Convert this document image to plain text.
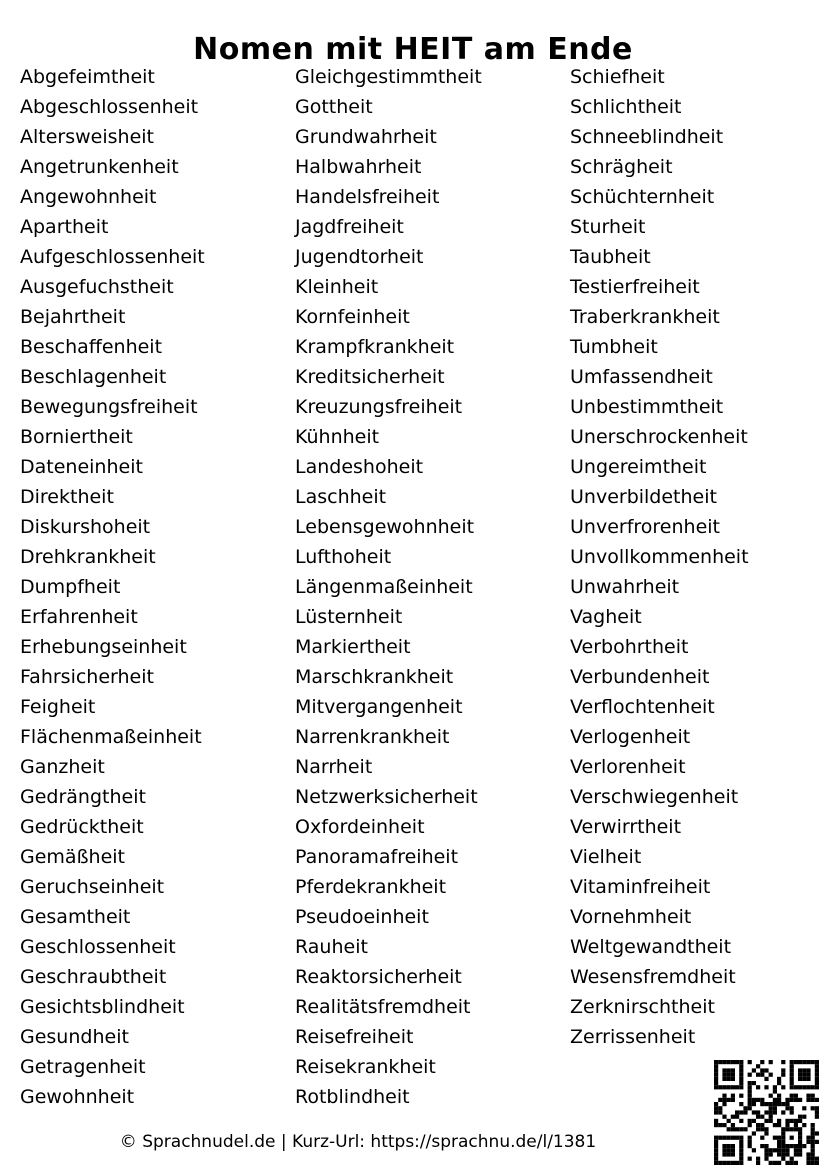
Nomen mit HEIT am Ende
Abgefeimtheit
Abgeschlossenheit
Altersweisheit
Angetrunkenheit
Angewohnheit
Apartheit
Aufgeschlossenheit
Ausgefuchstheit
Bejahrtheit
Beschaffenheit
Beschlagenheit
Bewegungsfreiheit
Borniertheit
Dateneinheit
Direktheit
Diskurshoheit
Drehkrankheit
Dumpfheit
Erfahrenheit
Erhebungseinheit
Fahrsicherheit
Feigheit
Flächenmaßeinheit
Ganzheit
Gedrängtheit
Gedrücktheit
Gemäßheit
Geruchseinheit
Gesamtheit
Geschlossenheit
Geschraubtheit
Gesichtsblindheit
Gesundheit
Getragenheit
Gewohnheit
Gleichgestimmtheit
Gottheit
Grundwahrheit
Halbwahrheit
Handelsfreiheit
Jagdfreiheit
Jugendtorheit
Kleinheit
Kornfeinheit
Krampfkrankheit
Kreditsicherheit
Kreuzungsfreiheit
Kühnheit
Landeshoheit
Laschheit
Lebensgewohnheit
Lufthoheit
Längenmaßeinheit
Lüsternheit
Markiertheit
Marschkrankheit
Mitvergangenheit
Narrenkrankheit
Narrheit
Netzwerksicherheit
Oxfordeinheit
Panoramafreiheit
Pferdekrankheit
Pseudoeinheit
Rauheit
Reaktorsicherheit
Realitätsfremdheit
Reisefreiheit
Reisekrankheit
Rotblindheit
Schiefheit
Schlichtheit
Schneeblindheit
Schrägheit
Schüchternheit
Sturheit
Taubheit
Testierfreiheit
Traberkrankheit
Tumbheit
Umfassendheit
Unbestimmtheit
Unerschrockenheit
Ungereimtheit
Unverbildetheit
Unverfrorenheit
Unvollkommenheit
Unwahrheit
Vagheit
Verbohrtheit
Verbundenheit
Verflochtenheit
Verlogenheit
Verlorenheit
Verschwiegenheit
Verwirrtheit
Vielheit
Vitaminfreiheit
Vornehmheit
Weltgewandtheit
Wesensfremdheit
Zerknirschtheit
Zerrissenheit
© Sprachnudel.de | Kurz-Url: https://sprachnu.de/l/1381
